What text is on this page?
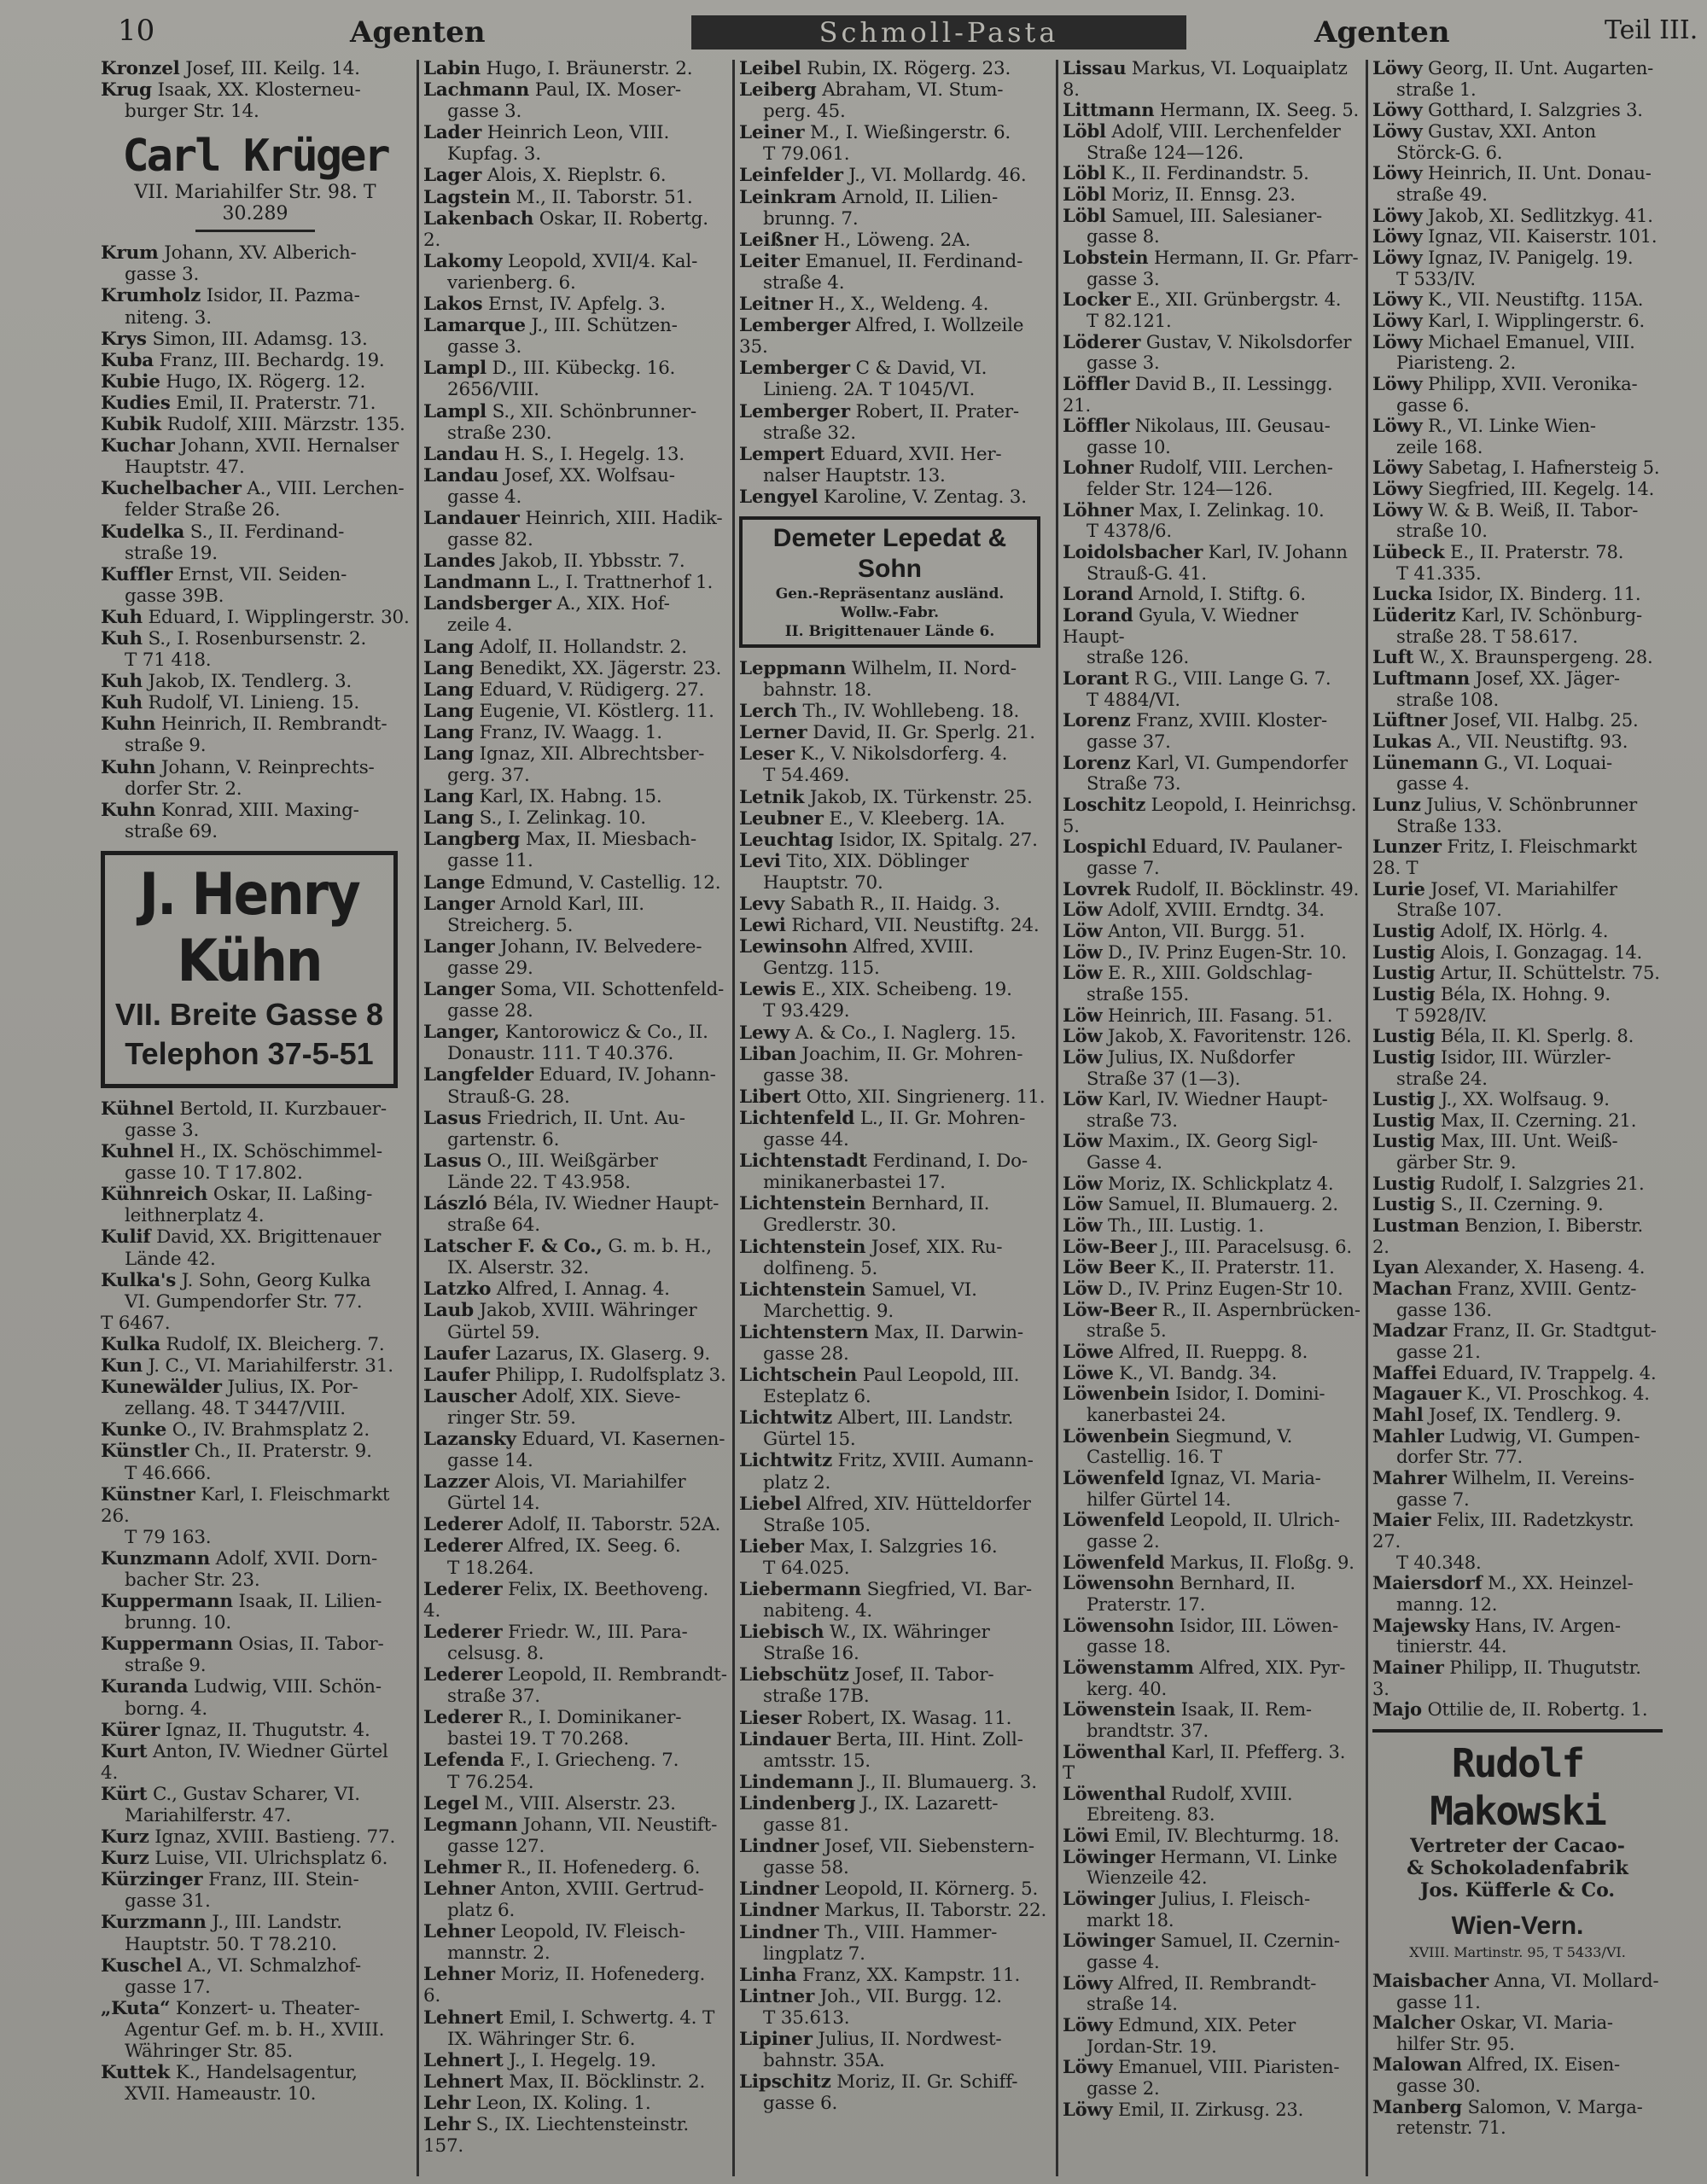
10	Agenten	Schmoll-Pasta	Agenten	Teil III.
Kronzel Josef, III. Keilg. 14.
Krug Isaak, XX. Klosterneu-
burger Str. 14.
Carl Krüger
VII. Mariahilfer Str. 98. T 30.289
Krum Johann, XV. Alberich-
gasse 3.
Krumholz Isidor, II. Pazma-
niteng. 3.
Krys Simon, III. Adamsg. 13.
Kuba Franz, III. Bechardg. 19.
Kubie Hugo, IX. Rögerg. 12.
Kudies Emil, II. Praterstr. 71.
Kubik Rudolf, XIII. Märzstr. 135.
Kuchar Johann, XVII. Hernalser
Hauptstr. 47.
Kuchelbacher A., VIII. Lerchen-
felder Straße 26.
Kudelka S., II. Ferdinand-
straße 19.
Kuffler Ernst, VII. Seiden-
gasse 39B.
Kuh Eduard, I. Wipplingerstr. 30.
Kuh S., I. Rosenbursenstr. 2.
T 71 418.
Kuh Jakob, IX. Tendlerg. 3.
Kuh Rudolf, VI. Linieng. 15.
Kuhn Heinrich, II. Rembrandt-
straße 9.
Kuhn Johann, V. Reinprechts-
dorfer Str. 2.
Kuhn Konrad, XIII. Maxing-
straße 69.
J. Henry Kühn
VII. Breite Gasse 8
Telephon 37-5-51
Kühnel Bertold, II. Kurzbauer-
gasse 3.
Kuhnel H., IX. Schöschimmel-
gasse 10. T 17.802.
Kühnreich Oskar, II. Laßing-
leithnerplatz 4.
Kulif David, XX. Brigittenauer
Lände 42.
Kulka's J. Sohn, Georg Kulka
VI. Gumpendorfer Str. 77.
T 6467.
Kulka Rudolf, IX. Bleicherg. 7.
Kun J. C., VI. Mariahilferstr. 31.
Kunewälder Julius, IX. Por-
zellang. 48. T 3447/VIII.
Kunke O., IV. Brahmsplatz 2.
Künstler Ch., II. Praterstr. 9.
T 46.666.
Künstner Karl, I. Fleischmarkt 26.
T 79 163.
Kunzmann Adolf, XVII. Dorn-
bacher Str. 23.
Kuppermann Isaak, II. Lilien-
brunng. 10.
Kuppermann Osias, II. Tabor-
straße 9.
Kuranda Ludwig, VIII. Schön-
borng. 4.
Kürer Ignaz, II. Thugutstr. 4.
Kurt Anton, IV. Wiedner Gürtel 4.
Kürt C., Gustav Scharer, VI.
Mariahilferstr. 47.
Kurz Ignaz, XVIII. Bastieng. 77.
Kurz Luise, VII. Ulrichsplatz 6.
Kürzinger Franz, III. Stein-
gasse 31.
Kurzmann J., III. Landstr.
Hauptstr. 50. T 78.210.
Kuschel A., VI. Schmalzhof-
gasse 17.
„Kuta“ Konzert- u. Theater-
Agentur Gef. m. b. H., XVIII. Währinger Str. 85.
Kuttek K., Handelsagentur,
XVII. Hameaustr. 10.
Labin Hugo, I. Bräunerstr. 2.
Lachmann Paul, IX. Moser-
gasse 3.
Lader Heinrich Leon, VIII.
Kupfag. 3.
Lager Alois, X. Rieplstr. 6.
Lagstein M., II. Taborstr. 51.
Lakenbach Oskar, II. Robertg. 2.
Lakomy Leopold, XVII/4. Kal-
varienberg. 6.
Lakos Ernst, IV. Apfelg. 3.
Lamarque J., III. Schützen-
gasse 3.
Lampl D., III. Kübeckg. 16.
2656/VIII.
Lampl S., XII. Schönbrunner-
straße 230.
Landau H. S., I. Hegelg. 13.
Landau Josef, XX. Wolfsau-
gasse 4.
Landauer Heinrich, XIII. Hadik-
gasse 82.
Landes Jakob, II. Ybbsstr. 7.
Landmann L., I. Trattnerhof 1.
Landsberger A., XIX. Hof-
zeile 4.
Lang Adolf, II. Hollandstr. 2.
Lang Benedikt, XX. Jägerstr. 23.
Lang Eduard, V. Rüdigerg. 27.
Lang Eugenie, VI. Köstlerg. 11.
Lang Franz, IV. Waagg. 1.
Lang Ignaz, XII. Albrechtsber-
gerg. 37.
Lang Karl, IX. Habng. 15.
Lang S., I. Zelinkag. 10.
Langberg Max, II. Miesbach-
gasse 11.
Lange Edmund, V. Castellig. 12.
Langer Arnold Karl, III.
Streicherg. 5.
Langer Johann, IV. Belvedere-
gasse 29.
Langer Soma, VII. Schottenfeld-
gasse 28.
Langer, Kantorowicz & Co., II.
Donaustr. 111. T 40.376.
Langfelder Eduard, IV. Johann-
Strauß-G. 28.
Lasus Friedrich, II. Unt. Au-
gartenstr. 6.
Lasus O., III. Weißgärber
Lände 22. T 43.958.
László Béla, IV. Wiedner Haupt-
straße 64.
Latscher F. & Co., G. m. b. H.,
IX. Alserstr. 32.
Latzko Alfred, I. Annag. 4.
Laub Jakob, XVIII. Währinger
Gürtel 59.
Laufer Lazarus, IX. Glaserg. 9.
Laufer Philipp, I. Rudolfsplatz 3.
Lauscher Adolf, XIX. Sieve-
ringer Str. 59.
Lazansky Eduard, VI. Kasernen-
gasse 14.
Lazzer Alois, VI. Mariahilfer
Gürtel 14.
Lederer Adolf, II. Taborstr. 52A.
Lederer Alfred, IX. Seeg. 6.
T 18.264.
Lederer Felix, IX. Beethoveng. 4.
Lederer Friedr. W., III. Para-
celsusg. 8.
Lederer Leopold, II. Rembrandt-
straße 37.
Lederer R., I. Dominikaner-
bastei 19. T 70.268.
Lefenda F., I. Griecheng. 7.
T 76.254.
Legel M., VIII. Alserstr. 23.
Legmann Johann, VII. Neustift-
gasse 127.
Lehmer R., II. Hofenederg. 6.
Lehner Anton, XVIII. Gertrud-
platz 6.
Lehner Leopold, IV. Fleisch-
mannstr. 2.
Lehner Moriz, II. Hofenederg. 6.
Lehnert Emil, I. Schwertg. 4. T
IX. Währinger Str. 6.
Lehnert J., I. Hegelg. 19.
Lehnert Max, II. Böcklinstr. 2.
Lehr Leon, IX. Koling. 1.
Lehr S., IX. Liechtensteinstr. 157.
Leibel Rubin, IX. Rögerg. 23.
Leiberg Abraham, VI. Stum-
perg. 45.
Leiner M., I. Wießingerstr. 6.
T 79.061.
Leinfelder J., VI. Mollardg. 46.
Leinkram Arnold, II. Lilien-
brunng. 7.
Leißner H., Löweng. 2A.
Leiter Emanuel, II. Ferdinand-
straße 4.
Leitner H., X., Weldeng. 4.
Lemberger Alfred, I. Wollzeile 35.
Lemberger C & David, VI.
Linieng. 2A. T 1045/VI.
Lemberger Robert, II. Prater-
straße 32.
Lempert Eduard, XVII. Her-
nalser Hauptstr. 13.
Lengyel Karoline, V. Zentag. 3.
Demeter Lepedat & Sohn
Gen.-Repräsentanz ausländ. Wollw.-Fabr.
II. Brigittenauer Lände 6.
Leppmann Wilhelm, II. Nord-
bahnstr. 18.
Lerch Th., IV. Wohllebeng. 18.
Lerner David, II. Gr. Sperlg. 21.
Leser K., V. Nikolsdorferg. 4.
T 54.469.
Letnik Jakob, IX. Türkenstr. 25.
Leubner E., V. Kleeberg. 1A.
Leuchtag Isidor, IX. Spitalg. 27.
Levi Tito, XIX. Döblinger
Hauptstr. 70.
Levy Sabath R., II. Haidg. 3.
Lewi Richard, VII. Neustiftg. 24.
Lewinsohn Alfred, XVIII.
Gentzg. 115.
Lewis E., XIX. Scheibeng. 19.
T 93.429.
Lewy A. & Co., I. Naglerg. 15.
Liban Joachim, II. Gr. Mohren-
gasse 38.
Libert Otto, XII. Singrienerg. 11.
Lichtenfeld L., II. Gr. Mohren-
gasse 44.
Lichtenstadt Ferdinand, I. Do-
minikanerbastei 17.
Lichtenstein Bernhard, II.
Gredlerstr. 30.
Lichtenstein Josef, XIX. Ru-
dolfineng. 5.
Lichtenstein Samuel, VI.
Marchettig. 9.
Lichtenstern Max, II. Darwin-
gasse 28.
Lichtschein Paul Leopold, III.
Esteplatz 6.
Lichtwitz Albert, III. Landstr.
Gürtel 15.
Lichtwitz Fritz, XVIII. Aumann-
platz 2.
Liebel Alfred, XIV. Hütteldorfer
Straße 105.
Lieber Max, I. Salzgries 16.
T 64.025.
Liebermann Siegfried, VI. Bar-
nabiteng. 4.
Liebisch W., IX. Währinger
Straße 16.
Liebschütz Josef, II. Tabor-
straße 17B.
Lieser Robert, IX. Wasag. 11.
Lindauer Berta, III. Hint. Zoll-
amtsstr. 15.
Lindemann J., II. Blumauerg. 3.
Lindenberg J., IX. Lazarett-
gasse 81.
Lindner Josef, VII. Siebenstern-
gasse 58.
Lindner Leopold, II. Körnerg. 5.
Lindner Markus, II. Taborstr. 22.
Lindner Th., VIII. Hammer-
lingplatz 7.
Linha Franz, XX. Kampstr. 11.
Lintner Joh., VII. Burgg. 12.
T 35.613.
Lipiner Julius, II. Nordwest-
bahnstr. 35A.
Lipschitz Moriz, II. Gr. Schiff-
gasse 6.
Lissau Markus, VI. Loquaiplatz 8.
Littmann Hermann, IX. Seeg. 5.
Löbl Adolf, VIII. Lerchenfelder
Straße 124—126.
Löbl K., II. Ferdinandstr. 5.
Löbl Moriz, II. Ennsg. 23.
Löbl Samuel, III. Salesianer-
gasse 8.
Lobstein Hermann, II. Gr. Pfarr-
gasse 3.
Locker E., XII. Grünbergstr. 4.
T 82.121.
Löderer Gustav, V. Nikolsdorfer
gasse 3.
Löffler David B., II. Lessingg. 21.
Löffler Nikolaus, III. Geusau-
gasse 10.
Lohner Rudolf, VIII. Lerchen-
felder Str. 124—126.
Löhner Max, I. Zelinkag. 10.
T 4378/6.
Loidolsbacher Karl, IV. Johann
Strauß-G. 41.
Lorand Arnold, I. Stiftg. 6.
Lorand Gyula, V. Wiedner Haupt-
straße 126.
Lorant R G., VIII. Lange G. 7.
T 4884/VI.
Lorenz Franz, XVIII. Kloster-
gasse 37.
Lorenz Karl, VI. Gumpendorfer
Straße 73.
Loschitz Leopold, I. Heinrichsg. 5.
Lospichl Eduard, IV. Paulaner-
gasse 7.
Lovrek Rudolf, II. Böcklinstr. 49.
Löw Adolf, XVIII. Erndtg. 34.
Löw Anton, VII. Burgg. 51.
Löw D., IV. Prinz Eugen-Str. 10.
Löw E. R., XIII. Goldschlag-
straße 155.
Löw Heinrich, III. Fasang. 51.
Löw Jakob, X. Favoritenstr. 126.
Löw Julius, IX. Nußdorfer
Straße 37 (1—3).
Löw Karl, IV. Wiedner Haupt-
straße 73.
Löw Maxim., IX. Georg Sigl-
Gasse 4.
Löw Moriz, IX. Schlickplatz 4.
Löw Samuel, II. Blumauerg. 2.
Löw Th., III. Lustig. 1.
Löw-Beer J., III. Paracelsusg. 6.
Löw Beer K., II. Praterstr. 11.
Löw D., IV. Prinz Eugen-Str 10.
Löw-Beer R., II. Aspernbrücken-
straße 5.
Löwe Alfred, II. Rueppg. 8.
Löwe K., VI. Bandg. 34.
Löwenbein Isidor, I. Domini-
kanerbastei 24.
Löwenbein Siegmund, V.
Castellig. 16. T
Löwenfeld Ignaz, VI. Maria-
hilfer Gürtel 14.
Löwenfeld Leopold, II. Ulrich-
gasse 2.
Löwenfeld Markus, II. Floßg. 9.
Löwensohn Bernhard, II.
Praterstr. 17.
Löwensohn Isidor, III. Löwen-
gasse 18.
Löwenstamm Alfred, XIX. Pyr-
kerg. 40.
Löwenstein Isaak, II. Rem-
brandtstr. 37.
Löwenthal Karl, II. Pfefferg. 3. T
Löwenthal Rudolf, XVIII.
Ebreiteng. 83.
Löwi Emil, IV. Blechturmg. 18.
Löwinger Hermann, VI. Linke
Wienzeile 42.
Löwinger Julius, I. Fleisch-
markt 18.
Löwinger Samuel, II. Czernin-
gasse 4.
Löwy Alfred, II. Rembrandt-
straße 14.
Löwy Edmund, XIX. Peter
Jordan-Str. 19.
Löwy Emanuel, VIII. Piaristen-
gasse 2.
Löwy Emil, II. Zirkusg. 23.
Löwy Georg, II. Unt. Augarten-
straße 1.
Löwy Gotthard, I. Salzgries 3.
Löwy Gustav, XXI. Anton
Störck-G. 6.
Löwy Heinrich, II. Unt. Donau-
straße 49.
Löwy Jakob, XI. Sedlitzkyg. 41.
Löwy Ignaz, VII. Kaiserstr. 101.
Löwy Ignaz, IV. Panigelg. 19.
T 533/IV.
Löwy K., VII. Neustiftg. 115A.
Löwy Karl, I. Wipplingerstr. 6.
Löwy Michael Emanuel, VIII.
Piaristeng. 2.
Löwy Philipp, XVII. Veronika-
gasse 6.
Löwy R., VI. Linke Wien-
zeile 168.
Löwy Sabetag, I. Hafnersteig 5.
Löwy Siegfried, III. Kegelg. 14.
Löwy W. & B. Weiß, II. Tabor-
straße 10.
Lübeck E., II. Praterstr. 78.
T 41.335.
Lucka Isidor, IX. Binderg. 11.
Lüderitz Karl, IV. Schönburg-
straße 28. T 58.617.
Luft W., X. Braunspergeng. 28.
Luftmann Josef, XX. Jäger-
straße 108.
Lüftner Josef, VII. Halbg. 25.
Lukas A., VII. Neustiftg. 93.
Lünemann G., VI. Loquai-
gasse 4.
Lunz Julius, V. Schönbrunner
Straße 133.
Lunzer Fritz, I. Fleischmarkt 28. T
Lurie Josef, VI. Mariahilfer
Straße 107.
Lustig Adolf, IX. Hörlg. 4.
Lustig Alois, I. Gonzagag. 14.
Lustig Artur, II. Schüttelstr. 75.
Lustig Béla, IX. Hohng. 9.
T 5928/IV.
Lustig Béla, II. Kl. Sperlg. 8.
Lustig Isidor, III. Würzler-
straße 24.
Lustig J., XX. Wolfsaug. 9.
Lustig Max, II. Czerning. 21.
Lustig Max, III. Unt. Weiß-
gärber Str. 9.
Lustig Rudolf, I. Salzgries 21.
Lustig S., II. Czerning. 9.
Lustman Benzion, I. Biberstr. 2.
Lyan Alexander, X. Haseng. 4.
Machan Franz, XVIII. Gentz-
gasse 136.
Madzar Franz, II. Gr. Stadtgut-
gasse 21.
Maffei Eduard, IV. Trappelg. 4.
Magauer K., VI. Proschkog. 4.
Mahl Josef, IX. Tendlerg. 9.
Mahler Ludwig, VI. Gumpen-
dorfer Str. 77.
Mahrer Wilhelm, II. Vereins-
gasse 7.
Maier Felix, III. Radetzkystr. 27.
T 40.348.
Maiersdorf M., XX. Heinzel-
manng. 12.
Majewsky Hans, IV. Argen-
tinierstr. 44.
Mainer Philipp, II. Thugutstr. 3.
Majo Ottilie de, II. Robertg. 1.
Rudolf Makowski
Vertreter der Cacao-
& Schokoladenfabrik
Jos. Küfferle & Co.
Wien-Vern.
XVIII. Martinstr. 95, T 5433/VI.
Maisbacher Anna, VI. Mollard-
gasse 11.
Malcher Oskar, VI. Maria-
hilfer Str. 95.
Malowan Alfred, IX. Eisen-
gasse 30.
Manberg Salomon, V. Marga-
retenstr. 71.
